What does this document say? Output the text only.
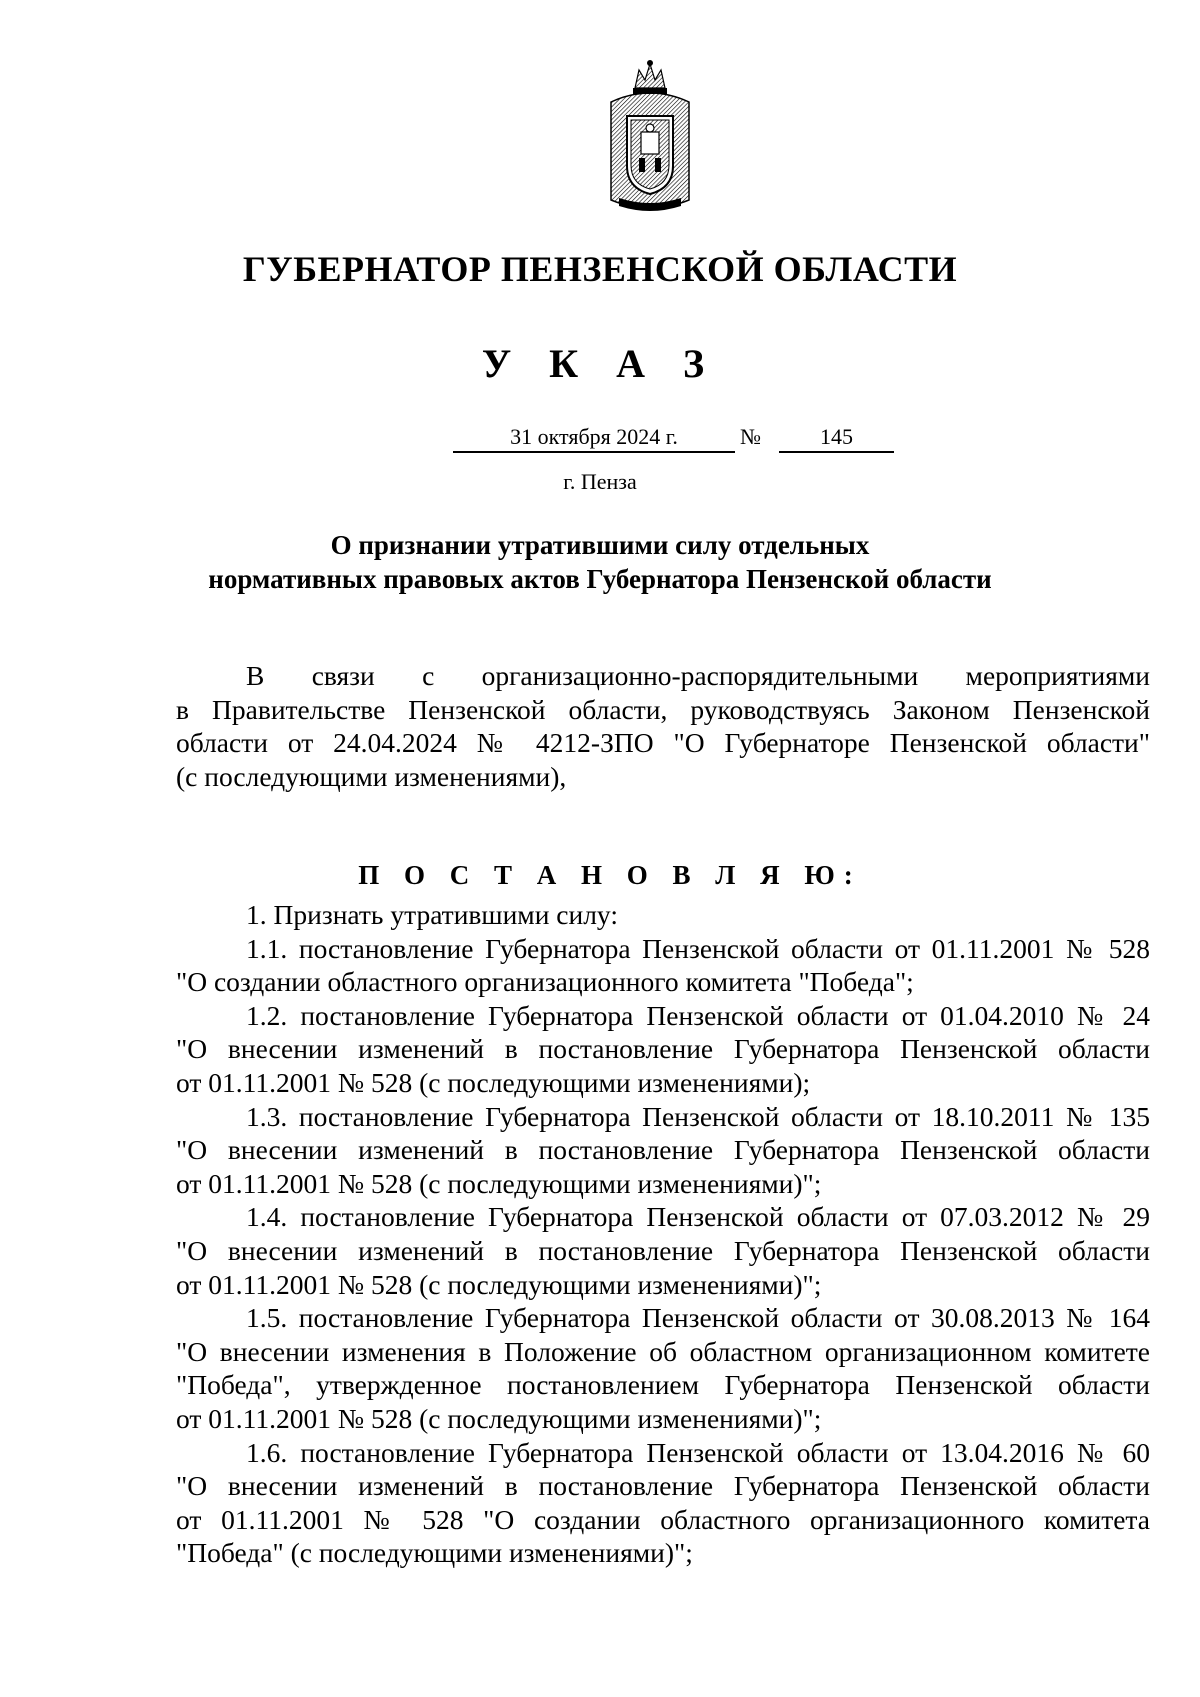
ГУБЕРНАТОР ПЕНЗЕНСКОЙ ОБЛАСТИ
У К А З
31 октября 2024 г.	№	145
г. Пенза
О признании утратившими силу отдельных
нормативных правовых актов Губернатора Пензенской области
В связи с организационно-распорядительными мероприятиями
в Правительстве Пензенской области, руководствуясь Законом Пензенской
области от 24.04.2024 № 4212-ЗПО "О Губернаторе Пензенской области"
(с последующими изменениями),
П О С Т А Н О В Л Я Ю:
1. Признать утратившими силу:
1.1. постановление Губернатора Пензенской области от 01.11.2001 № 528
"О создании областного организационного комитета "Победа";
1.2. постановление Губернатора Пензенской области от 01.04.2010 № 24
"О внесении изменений в постановление Губернатора Пензенской области
от 01.11.2001 № 528 (с последующими изменениями);
1.3. постановление Губернатора Пензенской области от 18.10.2011 № 135
"О внесении изменений в постановление Губернатора Пензенской области
от 01.11.2001 № 528 (с последующими изменениями)";
1.4. постановление Губернатора Пензенской области от 07.03.2012 № 29
"О внесении изменений в постановление Губернатора Пензенской области
от 01.11.2001 № 528 (с последующими изменениями)";
1.5. постановление Губернатора Пензенской области от 30.08.2013 № 164
"О внесении изменения в Положение об областном организационном комитете
"Победа", утвержденное постановлением Губернатора Пензенской области
от 01.11.2001 № 528 (с последующими изменениями)";
1.6. постановление Губернатора Пензенской области от 13.04.2016 № 60
"О внесении изменений в постановление Губернатора Пензенской области
от 01.11.2001 № 528 "О создании областного организационного комитета
"Победа" (с последующими изменениями)";
